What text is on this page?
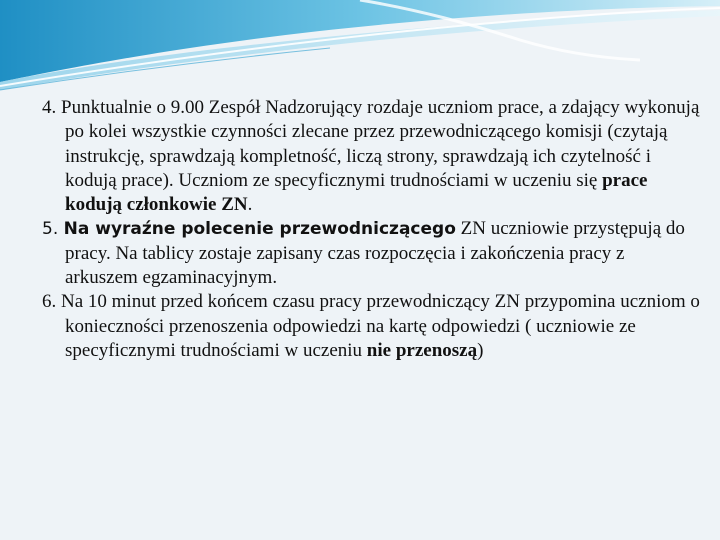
4. Punktualnie o 9.00 Zespół Nadzorujący rozdaje uczniom prace, a zdający wykonują po kolei wszystkie czynności zlecane przez przewodniczącego komisji (czytają instrukcję, sprawdzają kompletność, liczą strony, sprawdzają ich czytelność i kodują prace). Uczniom ze specyficznymi trudnościami w uczeniu się prace kodują członkowie ZN.

5. Na wyraźne polecenie przewodniczącego ZN uczniowie przystępują do pracy. Na tablicy zostaje zapisany czas rozpoczęcia i zakończenia pracy z arkuszem egzaminacyjnym.

6. Na 10 minut przed końcem czasu pracy przewodniczący ZN przypomina uczniom o konieczności przenoszenia odpowiedzi na kartę odpowiedzi ( uczniowie ze specyficznymi trudnościami w uczeniu nie przenoszą)
